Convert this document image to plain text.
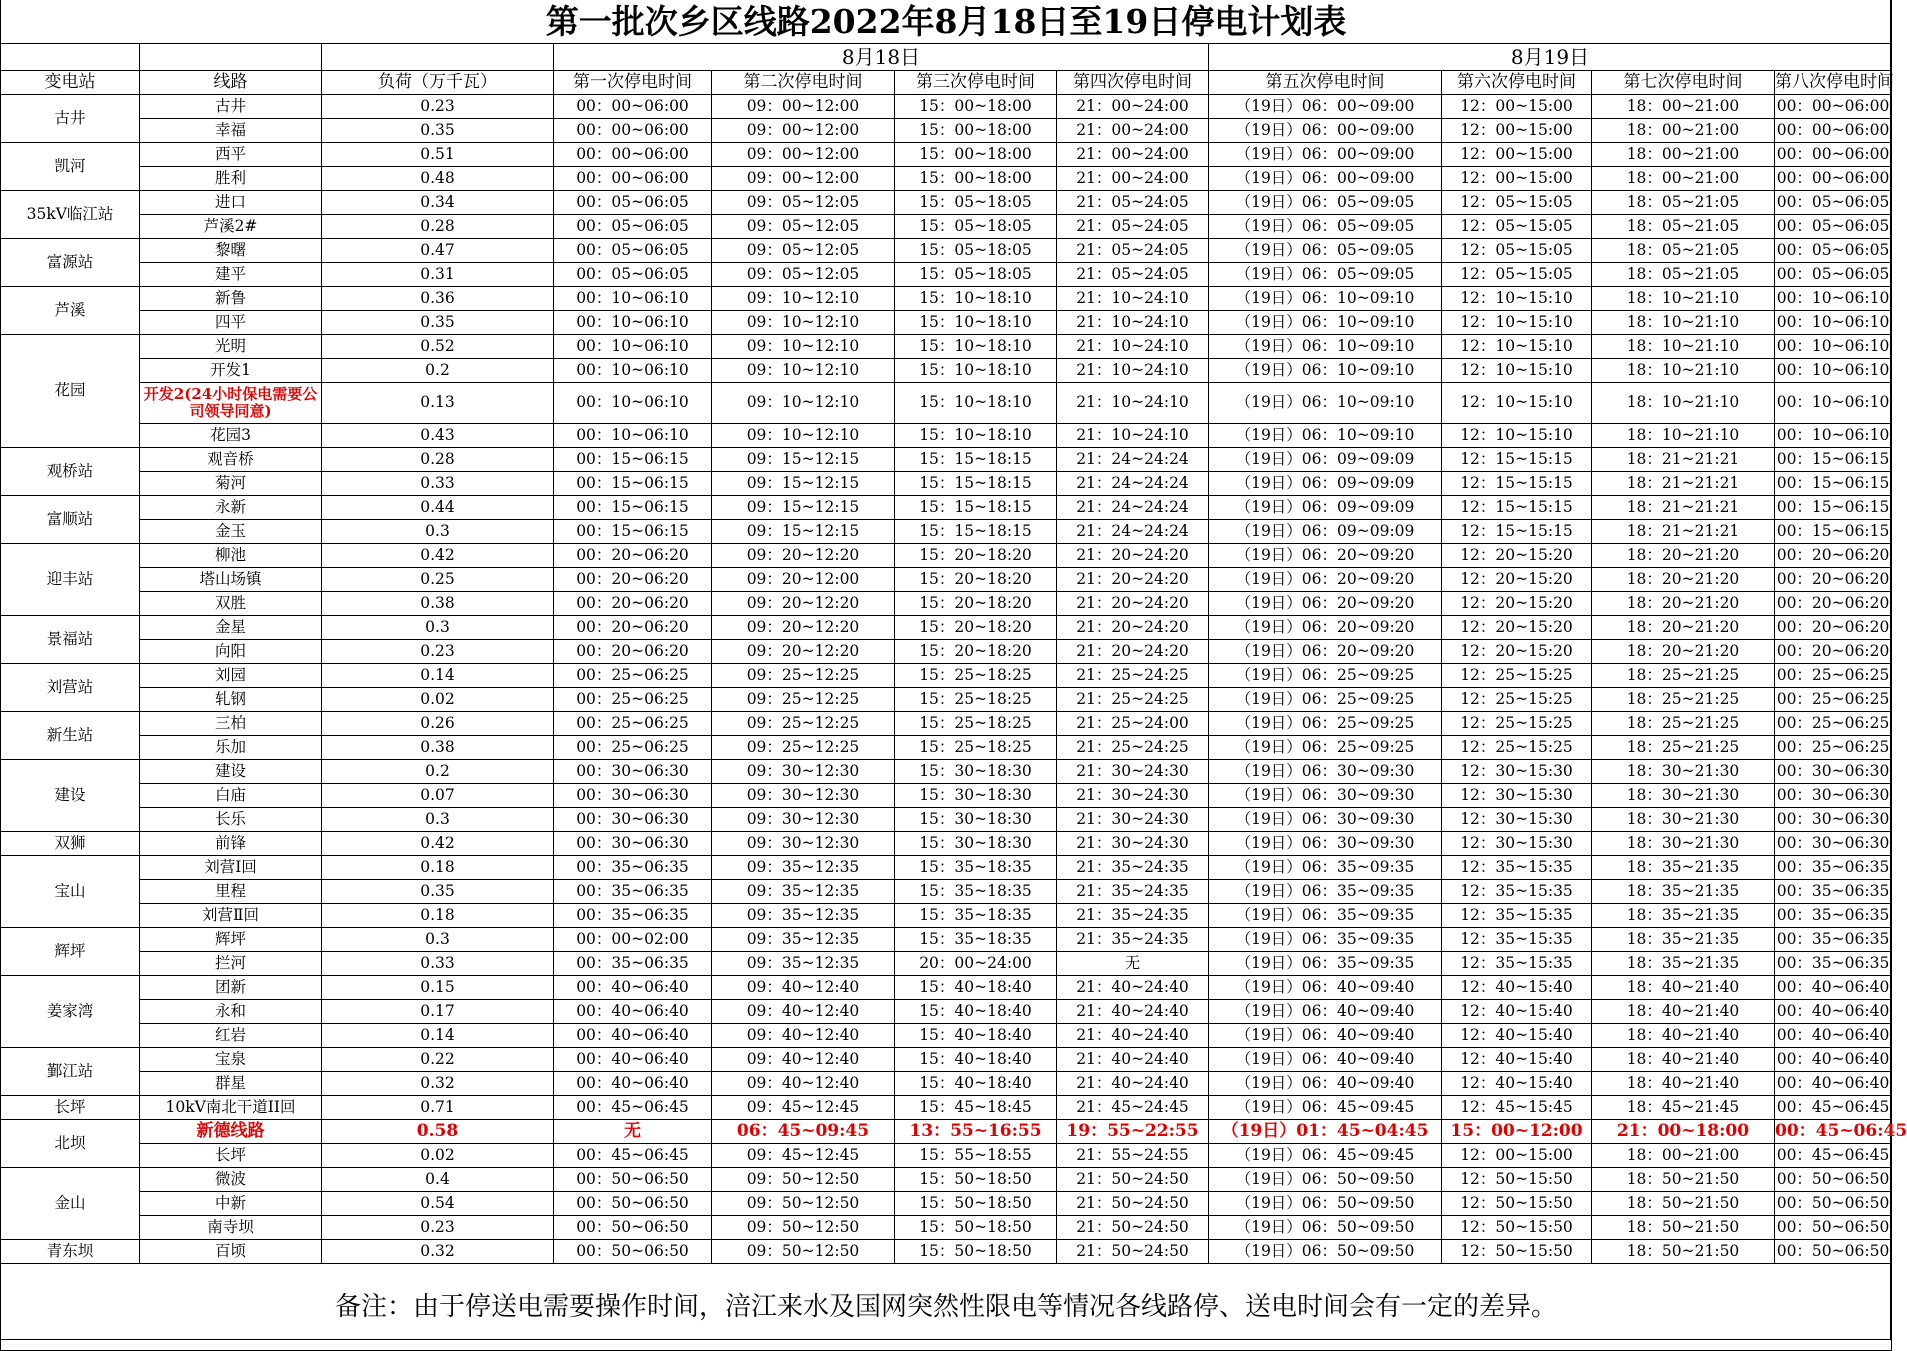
第一批次乡区线路2022年8月18日至19日停电计划表										
			8月18日				8月19日			
变电站	线路	负荷（万千瓦）	第一次停电时间	第二次停电时间	第三次停电时间	第四次停电时间	第五次停电时间	第六次停电时间	第七次停电时间	第八次停电时间
古井	古井	0.23	00：00~06:00	09：00~12:00	15：00~18:00	21：00~24:00	（19日）06：00~09:00	12：00~15:00	18：00~21:00	00：00~06:00
	幸福	0.35	00：00~06:00	09：00~12:00	15：00~18:00	21：00~24:00	（19日）06：00~09:00	12：00~15:00	18：00~21:00	00：00~06:00
凯河	西平	0.51	00：00~06:00	09：00~12:00	15：00~18:00	21：00~24:00	（19日）06：00~09:00	12：00~15:00	18：00~21:00	00：00~06:00
	胜利	0.48	00：00~06:00	09：00~12:00	15：00~18:00	21：00~24:00	（19日）06：00~09:00	12：00~15:00	18：00~21:00	00：00~06:00
35kV临江站	进口	0.34	00：05~06:05	09：05~12:05	15：05~18:05	21：05~24:05	（19日）06：05~09:05	12：05~15:05	18：05~21:05	00：05~06:05
	芦溪2#	0.28	00：05~06:05	09：05~12:05	15：05~18:05	21：05~24:05	（19日）06：05~09:05	12：05~15:05	18：05~21:05	00：05~06:05
富源站	黎曙	0.47	00：05~06:05	09：05~12:05	15：05~18:05	21：05~24:05	（19日）06：05~09:05	12：05~15:05	18：05~21:05	00：05~06:05
	建平	0.31	00：05~06:05	09：05~12:05	15：05~18:05	21：05~24:05	（19日）06：05~09:05	12：05~15:05	18：05~21:05	00：05~06:05
芦溪	新鲁	0.36	00：10~06:10	09：10~12:10	15：10~18:10	21：10~24:10	（19日）06：10~09:10	12：10~15:10	18：10~21:10	00：10~06:10
	四平	0.35	00：10~06:10	09：10~12:10	15：10~18:10	21：10~24:10	（19日）06：10~09:10	12：10~15:10	18：10~21:10	00：10~06:10
花园	光明	0.52	00：10~06:10	09：10~12:10	15：10~18:10	21：10~24:10	（19日）06：10~09:10	12：10~15:10	18：10~21:10	00：10~06:10
	开发1	0.2	00：10~06:10	09：10~12:10	15：10~18:10	21：10~24:10	（19日）06：10~09:10	12：10~15:10	18：10~21:10	00：10~06:10

	开发2(24小时保电需要公司领导同意)	0.13	00：10~06:10	09：10~12:10	15：10~18:10	21：10~24:10	（19日）06：10~09:10	12：10~15:10	18：10~21:10	00：10~06:10
	花园3	0.43	00：10~06:10	09：10~12:10	15：10~18:10	21：10~24:10	（19日）06：10~09:10	12：10~15:10	18：10~21:10	00：10~06:10
观桥站	观音桥	0.28	00：15~06:15	09：15~12:15	15：15~18:15	21：24~24:24	（19日）06：09~09:09	12：15~15:15	18：21~21:21	00：15~06:15
	菊河	0.33	00：15~06:15	09：15~12:15	15：15~18:15	21：24~24:24	（19日）06：09~09:09	12：15~15:15	18：21~21:21	00：15~06:15
富顺站	永新	0.44	00：15~06:15	09：15~12:15	15：15~18:15	21：24~24:24	（19日）06：09~09:09	12：15~15:15	18：21~21:21	00：15~06:15
	金玉	0.3	00：15~06:15	09：15~12:15	15：15~18:15	21：24~24:24	（19日）06：09~09:09	12：15~15:15	18：21~21:21	00：15~06:15
迎丰站	柳池	0.42	00：20~06:20	09：20~12:20	15：20~18:20	21：20~24:20	（19日）06：20~09:20	12：20~15:20	18：20~21:20	00：20~06:20
	塔山场镇	0.25	00：20~06:20	09：20~12:00	15：20~18:20	21：20~24:20	（19日）06：20~09:20	12：20~15:20	18：20~21:20	00：20~06:20
	双胜	0.38	00：20~06:20	09：20~12:20	15：20~18:20	21：20~24:20	（19日）06：20~09:20	12：20~15:20	18：20~21:20	00：20~06:20
景福站	金星	0.3	00：20~06:20	09：20~12:20	15：20~18:20	21：20~24:20	（19日）06：20~09:20	12：20~15:20	18：20~21:20	00：20~06:20
	向阳	0.23	00：20~06:20	09：20~12:20	15：20~18:20	21：20~24:20	（19日）06：20~09:20	12：20~15:20	18：20~21:20	00：20~06:20
刘营站	刘园	0.14	00：25~06:25	09：25~12:25	15：25~18:25	21：25~24:25	（19日）06：25~09:25	12：25~15:25	18：25~21:25	00：25~06:25
	轧钢	0.02	00：25~06:25	09：25~12:25	15：25~18:25	21：25~24:25	（19日）06：25~09:25	12：25~15:25	18：25~21:25	00：25~06:25
新生站	三柏	0.26	00：25~06:25	09：25~12:25	15：25~18:25	21：25~24:00	（19日）06：25~09:25	12：25~15:25	18：25~21:25	00：25~06:25
	乐加	0.38	00：25~06:25	09：25~12:25	15：25~18:25	21：25~24:25	（19日）06：25~09:25	12：25~15:25	18：25~21:25	00：25~06:25
建设	建设	0.2	00：30~06:30	09：30~12:30	15：30~18:30	21：30~24:30	（19日）06：30~09:30	12：30~15:30	18：30~21:30	00：30~06:30
	白庙	0.07	00：30~06:30	09：30~12:30	15：30~18:30	21：30~24:30	（19日）06：30~09:30	12：30~15:30	18：30~21:30	00：30~06:30
	长乐	0.3	00：30~06:30	09：30~12:30	15：30~18:30	21：30~24:30	（19日）06：30~09:30	12：30~15:30	18：30~21:30	00：30~06:30
双狮	前锋	0.42	00：30~06:30	09：30~12:30	15：30~18:30	21：30~24:30	（19日）06：30~09:30	12：30~15:30	18：30~21:30	00：30~06:30
宝山	刘营Ⅰ回	0.18	00：35~06:35	09：35~12:35	15：35~18:35	21：35~24:35	（19日）06：35~09:35	12：35~15:35	18：35~21:35	00：35~06:35
	里程	0.35	00：35~06:35	09：35~12:35	15：35~18:35	21：35~24:35	（19日）06：35~09:35	12：35~15:35	18：35~21:35	00：35~06:35
	刘营Ⅱ回	0.18	00：35~06:35	09：35~12:35	15：35~18:35	21：35~24:35	（19日）06：35~09:35	12：35~15:35	18：35~21:35	00：35~06:35
辉坪	辉坪	0.3	00：00~02:00	09：35~12:35	15：35~18:35	21：35~24:35	（19日）06：35~09:35	12：35~15:35	18：35~21:35	00：35~06:35
	拦河	0.33	00：35~06:35	09：35~12:35	20：00~24:00	无	（19日）06：35~09:35	12：35~15:35	18：35~21:35	00：35~06:35
姜家湾	团新	0.15	00：40~06:40	09：40~12:40	15：40~18:40	21：40~24:40	（19日）06：40~09:40	12：40~15:40	18：40~21:40	00：40~06:40
	永和	0.17	00：40~06:40	09：40~12:40	15：40~18:40	21：40~24:40	（19日）06：40~09:40	12：40~15:40	18：40~21:40	00：40~06:40
	红岩	0.14	00：40~06:40	09：40~12:40	15：40~18:40	21：40~24:40	（19日）06：40~09:40	12：40~15:40	18：40~21:40	00：40~06:40
鄞江站	宝泉	0.22	00：40~06:40	09：40~12:40	15：40~18:40	21：40~24:40	（19日）06：40~09:40	12：40~15:40	18：40~21:40	00：40~06:40
	群星	0.32	00：40~06:40	09：40~12:40	15：40~18:40	21：40~24:40	（19日）06：40~09:40	12：40~15:40	18：40~21:40	00：40~06:40
长坪	10kV南北干道II回	0.71	00：45~06:45	09：45~12:45	15：45~18:45	21：45~24:45	（19日）06：45~09:45	12：45~15:45	18：45~21:45	00：45~06:45
北坝	新德线路	0.58	无	06：45~09:45	13：55~16:55	19：55~22:55	（19日）01：45~04:45	15：00~12:00	21：00~18:00	00：45~06:45
	长坪	0.02	00：45~06:45	09：45~12:45	15：55~18:55	21：55~24:55	（19日）06：45~09:45	12：00~15:00	18：00~21:00	00：45~06:45
金山	微波	0.4	00：50~06:50	09：50~12:50	15：50~18:50	21：50~24:50	（19日）06：50~09:50	12：50~15:50	18：50~21:50	00：50~06:50
	中新	0.54	00：50~06:50	09：50~12:50	15：50~18:50	21：50~24:50	（19日）06：50~09:50	12：50~15:50	18：50~21:50	00：50~06:50
	南寺坝	0.23	00：50~06:50	09：50~12:50	15：50~18:50	21：50~24:50	（19日）06：50~09:50	12：50~15:50	18：50~21:50	00：50~06:50
青东坝	百顷	0.32	00：50~06:50	09：50~12:50	15：50~18:50	21：50~24:50	（19日）06：50~09:50	12：50~15:50	18：50~21:50	00：50~06:50
备注：由于停送电需要操作时间，涪江来水及国网突然性限电等情况各线路停、送电时间会有一定的差异。										
